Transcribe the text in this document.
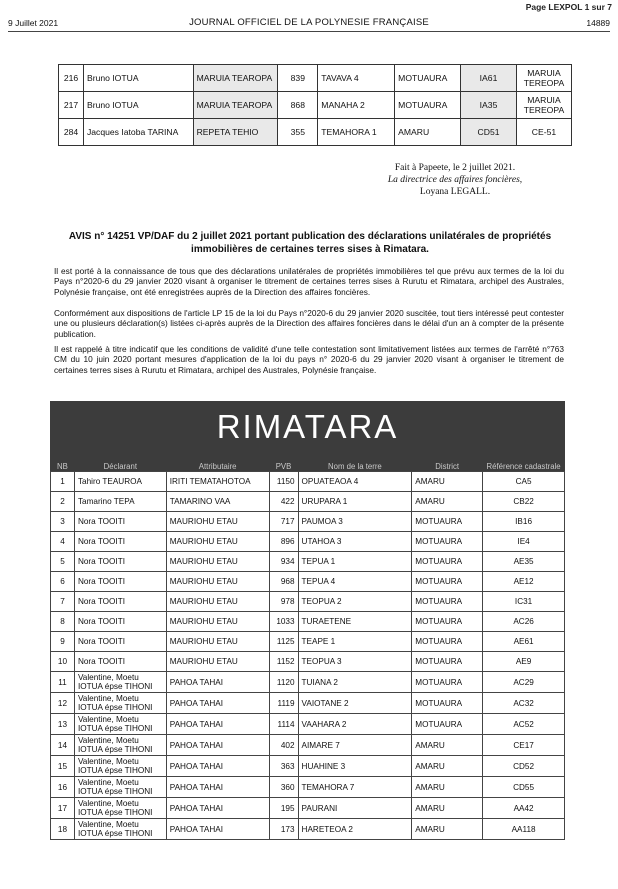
Page LEXPOL 1 sur 7
9 Juillet 2021	JOURNAL OFFICIEL DE LA POLYNESIE FRANÇAISE	14889
216	Bruno IOTUA	MARUIA TEAROPA	839	TAVAVA 4	MOTUAURA	IA61	MARUIA TEREOPA
217	Bruno IOTUA	MARUIA TEAROPA	868	MANAHA 2	MOTUAURA	IA35	MARUIA TEREOPA
284	Jacques Iatoba TARINA	REPETA TEHIO	355	TEMAHORA 1	AMARU	CD51	CE-51
Fait à Papeete, le 2 juillet 2021.
La directrice des affaires foncières,
Loyana LEGALL.
AVIS n° 14251 VP/DAF du 2 juillet 2021 portant publication des déclarations unilatérales de propriétés immobilières de certaines terres sises à Rimatara.
Il est porté à la connaissance de tous que des déclarations unilatérales de propriétés immobilières tel que prévu aux termes de la loi du Pays n°2020-6 du 29 janvier 2020 visant à organiser le titrement de certaines terres sises à Rurutu et Rimatara, archipel des Australes, Polynésie française, ont été enregistrées auprès de la Direction des affaires foncières.
Conformément aux dispositions de l'article LP 15 de la loi du Pays n°2020-6 du 29 janvier 2020 suscitée, tout tiers intéressé peut contester une ou plusieurs déclaration(s) listées ci-après auprès de la Direction des affaires foncières dans le délai d'un an à compter de la présente publication.
Il est rappelé à titre indicatif que les conditions de validité d'une telle contestation sont limitativement listées aux termes de l'arrêté n°763 CM du 10 juin 2020 portant mesures d'application de la loi du pays n° 2020-6 du 29 janvier 2020 visant à organiser le titrement de certaines terres sises à Rurutu et Rimatara, archipel des Australes, Polynésie française.
RIMATARA
NB	Déclarant	Attributaire	PVB	Nom de la terre	District	Référence cadastrale
1	Tahiro TEAUROA	IRITI TEMATAHOTOA	1150	OPUATEAOA 4	AMARU	CA5
2	Tamarino TEPA	TAMARINO VAA	422	URUPARA 1	AMARU	CB22
3	Nora TOOITI	MAURIOHU ETAU	717	PAUMOA 3	MOTUAURA	IB16
4	Nora TOOITI	MAURIOHU ETAU	896	UTAHOA 3	MOTUAURA	IE4
5	Nora TOOITI	MAURIOHU ETAU	934	TEPUA 1	MOTUAURA	AE35
6	Nora TOOITI	MAURIOHU ETAU	968	TEPUA 4	MOTUAURA	AE12
7	Nora TOOITI	MAURIOHU ETAU	978	TEOPUA 2	MOTUAURA	IC31
8	Nora TOOITI	MAURIOHU ETAU	1033	TURAETENE	MOTUAURA	AC26
9	Nora TOOITI	MAURIOHU ETAU	1125	TEAPE 1	MOTUAURA	AE61
10	Nora TOOITI	MAURIOHU ETAU	1152	TEOPUA 3	MOTUAURA	AE9
11	Valentine, Moetu IOTUA épse TIHONI	PAHOA TAHAI	1120	TUIANA 2	MOTUAURA	AC29
12	Valentine, Moetu IOTUA épse TIHONI	PAHOA TAHAI	1119	VAIOTANE 2	MOTUAURA	AC32
13	Valentine, Moetu IOTUA épse TIHONI	PAHOA TAHAI	1114	VAAHARA 2	MOTUAURA	AC52
14	Valentine, Moetu IOTUA épse TIHONI	PAHOA TAHAI	402	AIMARE 7	AMARU	CE17
15	Valentine, Moetu IOTUA épse TIHONI	PAHOA TAHAI	363	HUAHINE 3	AMARU	CD52
16	Valentine, Moetu IOTUA épse TIHONI	PAHOA TAHAI	360	TEMAHORA 7	AMARU	CD55
17	Valentine, Moetu IOTUA épse TIHONI	PAHOA TAHAI	195	PAURANI	AMARU	AA42
18	Valentine, Moetu IOTUA épse TIHONI	PAHOA TAHAI	173	HARETEOA 2	AMARU	AA118
